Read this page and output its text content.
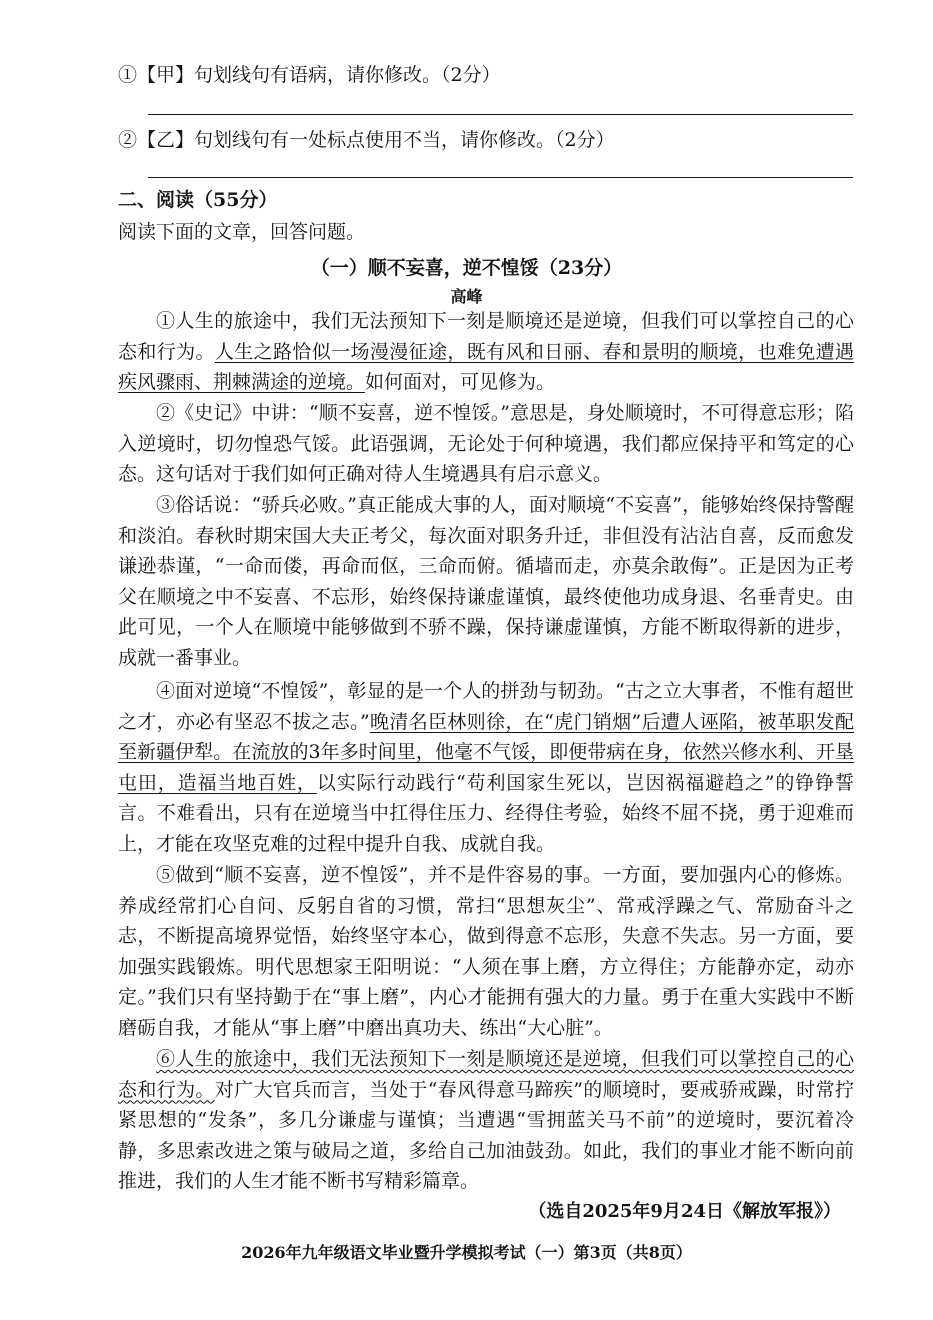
①【甲】句划线句有语病，请你修改。（2分）
②【乙】句划线句有一处标点使用不当，请你修改。（2分）
二、阅读（55分）
阅读下面的文章，回答问题。
（一）顺不妄喜，逆不惶馁（23分）
高峰
①人生的旅途中，我们无法预知下一刻是顺境还是逆境，但我们可以掌控自己的心态和行为。人生之路恰似一场漫漫征途，既有风和日丽、春和景明的顺境，也难免遭遇疾风骤雨、荆棘满途的逆境。如何面对，可见修为。
②《史记》中讲：“顺不妄喜，逆不惶馁。”意思是，身处顺境时，不可得意忘形；陷入逆境时，切勿惶恐气馁。此语强调，无论处于何种境遇，我们都应保持平和笃定的心态。这句话对于我们如何正确对待人生境遇具有启示意义。
③俗话说：“骄兵必败。”真正能成大事的人，面对顺境“不妄喜”，能够始终保持警醒和淡泊。春秋时期宋国大夫正考父，每次面对职务升迁，非但没有沾沾自喜，反而愈发谦逊恭谨，“一命而偻，再命而伛，三命而俯。循墙而走，亦莫余敢侮”。正是因为正考父在顺境之中不妄喜、不忘形，始终保持谦虚谨慎，最终使他功成身退、名垂青史。由此可见，一个人在顺境中能够做到不骄不躁，保持谦虚谨慎，方能不断取得新的进步，成就一番事业。
④面对逆境“不惶馁”，彰显的是一个人的拼劲与韧劲。“古之立大事者，不惟有超世之才，亦必有坚忍不拔之志。”晚清名臣林则徐，在“虎门销烟”后遭人诬陷，被革职发配至新疆伊犁。在流放的3年多时间里，他毫不气馁，即便带病在身，依然兴修水利、开垦屯田，造福当地百姓，以实际行动践行“苟利国家生死以，岂因祸福避趋之”的铮铮誓言。不难看出，只有在逆境当中扛得住压力、经得住考验，始终不屈不挠，勇于迎难而上，才能在攻坚克难的过程中提升自我、成就自我。
⑤做到“顺不妄喜，逆不惶馁”，并不是件容易的事。一方面，要加强内心的修炼。养成经常扪心自问、反躬自省的习惯，常扫“思想灰尘”、常戒浮躁之气、常励奋斗之志，不断提高境界觉悟，始终坚守本心，做到得意不忘形，失意不失志。另一方面，要加强实践锻炼。明代思想家王阳明说：“人须在事上磨，方立得住；方能静亦定，动亦定。”我们只有坚持勤于在“事上磨”，内心才能拥有强大的力量。勇于在重大实践中不断磨砺自我，才能从“事上磨”中磨出真功夫、练出“大心脏”。
⑥人生的旅途中，我们无法预知下一刻是顺境还是逆境，但我们可以掌控自己的心态和行为。对广大官兵而言，当处于“春风得意马蹄疾”的顺境时，要戒骄戒躁，时常拧紧思想的“发条”，多几分谦虚与谨慎；当遭遇“雪拥蓝关马不前”的逆境时，要沉着冷静，多思索改进之策与破局之道，多给自己加油鼓劲。如此，我们的事业才能不断向前推进，我们的人生才能不断书写精彩篇章。
（选自2025年9月24日《解放军报》）
2026年九年级语文毕业暨升学模拟考试（一）第3页（共8页）
